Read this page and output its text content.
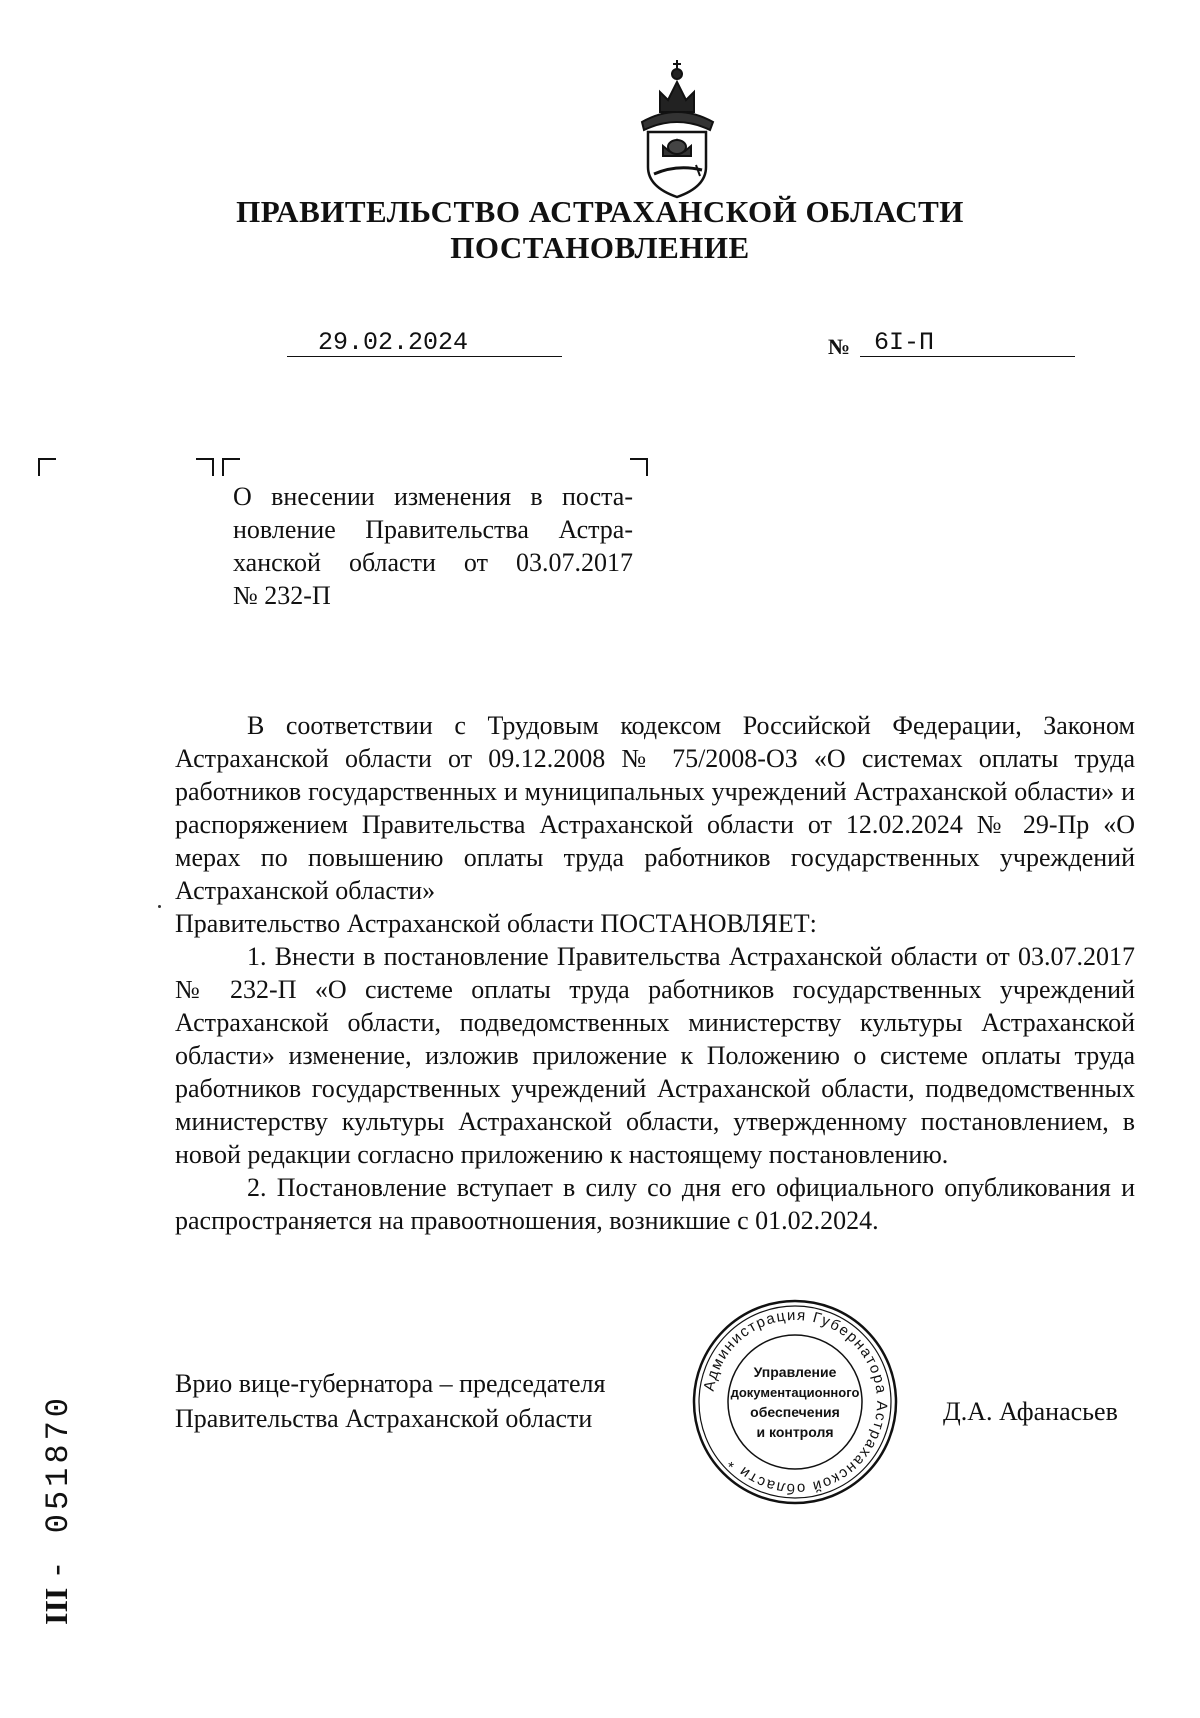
ПРАВИТЕЛЬСТВО АСТРАХАНСКОЙ ОБЛАСТИ
ПОСТАНОВЛЕНИЕ
29.02.2024	№ 6I-П
О внесении изменения в поста-
новление Правительства Астра-
ханской области от 03.07.2017
№ 232-П

В соответствии с Трудовым кодексом Российской Федерации, Законом Астраханской области от 09.12.2008 № 75/2008-ОЗ «О системах оплаты труда работников государственных и муниципальных учреждений Астраханской области» и распоряжением Правительства Астраханской области от 12.02.2024 № 29-Пр «О мерах по повышению оплаты труда работников государственных учреждений Астраханской области»

Правительство Астраханской области ПОСТАНОВЛЯЕТ:

1. Внести в постановление Правительства Астраханской области от 03.07.2017 № 232-П «О системе оплаты труда работников государственных учреждений Астраханской области, подведомственных министерству культуры Астраханской области» изменение, изложив приложение к Положению о системе оплаты труда работников государственных учреждений Астраханской области, подведомственных министерству культуры Астраханской области, утвержденному постановлением, в новой редакции согласно приложению к настоящему постановлению.

2. Постановление вступает в силу со дня его официального опубликования и распространяется на правоотношения, возникшие с 01.02.2024.

Врио вице-губернатора – председателя
Правительства Астраханской области	Д.А. Афанасьев
Администрация Губернатора Астраханской области *
Управление
документационного
обеспечения
и контроля
ІІІ - 051870
